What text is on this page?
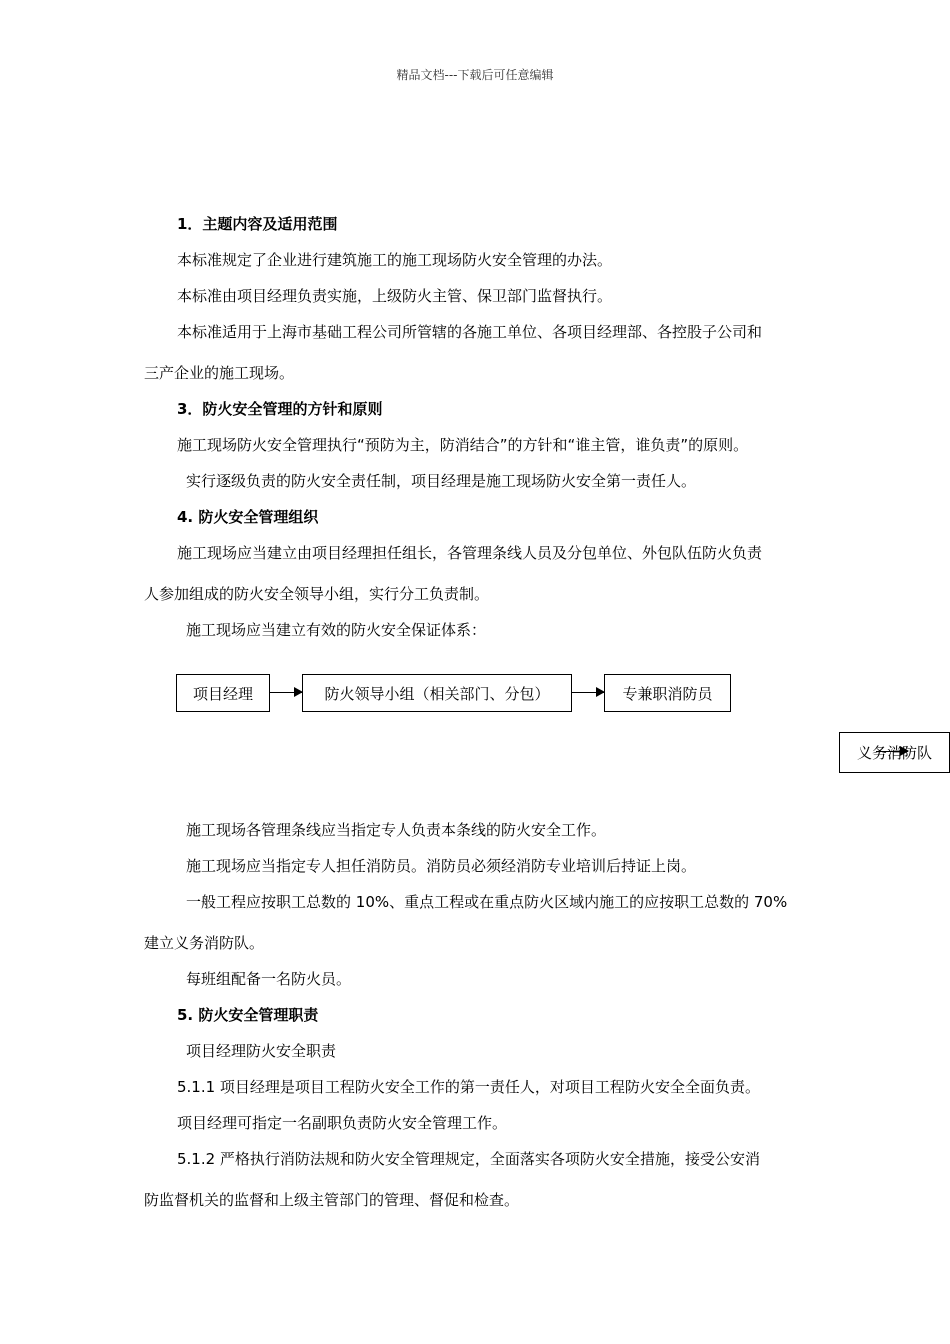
精品文档---下载后可任意编辑
1．主题内容及适用范围
本标准规定了企业进行建筑施工的施工现场防火安全管理的办法。
本标准由项目经理负责实施，上级防火主管、保卫部门监督执行。
本标准适用于上海市基础工程公司所管辖的各施工单位、各项目经理部、各控股子公司和
三产企业的施工现场。
3．防火安全管理的方针和原则
施工现场防火安全管理执行“预防为主，防消结合”的方针和“谁主管，谁负责”的原则。
实行逐级负责的防火安全责任制，项目经理是施工现场防火安全第一责任人。
4. 防火安全管理组织
施工现场应当建立由项目经理担任组长，各管理条线人员及分包单位、外包队伍防火负责
人参加组成的防火安全领导小组，实行分工负责制。
施工现场应当建立有效的防火安全保证体系：
项目经理	防火领导小组（相关部门、分包）	专兼职消防员
义务消防队
施工现场各管理条线应当指定专人负责本条线的防火安全工作。
施工现场应当指定专人担任消防员。消防员必须经消防专业培训后持证上岗。
一般工程应按职工总数的 10%、重点工程或在重点防火区域内施工的应按职工总数的 70%
建立义务消防队。
每班组配备一名防火员。
5. 防火安全管理职责
项目经理防火安全职责
5.1.1 项目经理是项目工程防火安全工作的第一责任人，对项目工程防火安全全面负责。
项目经理可指定一名副职负责防火安全管理工作。
5.1.2 严格执行消防法规和防火安全管理规定，全面落实各项防火安全措施，接受公安消
防监督机关的监督和上级主管部门的管理、督促和检查。
